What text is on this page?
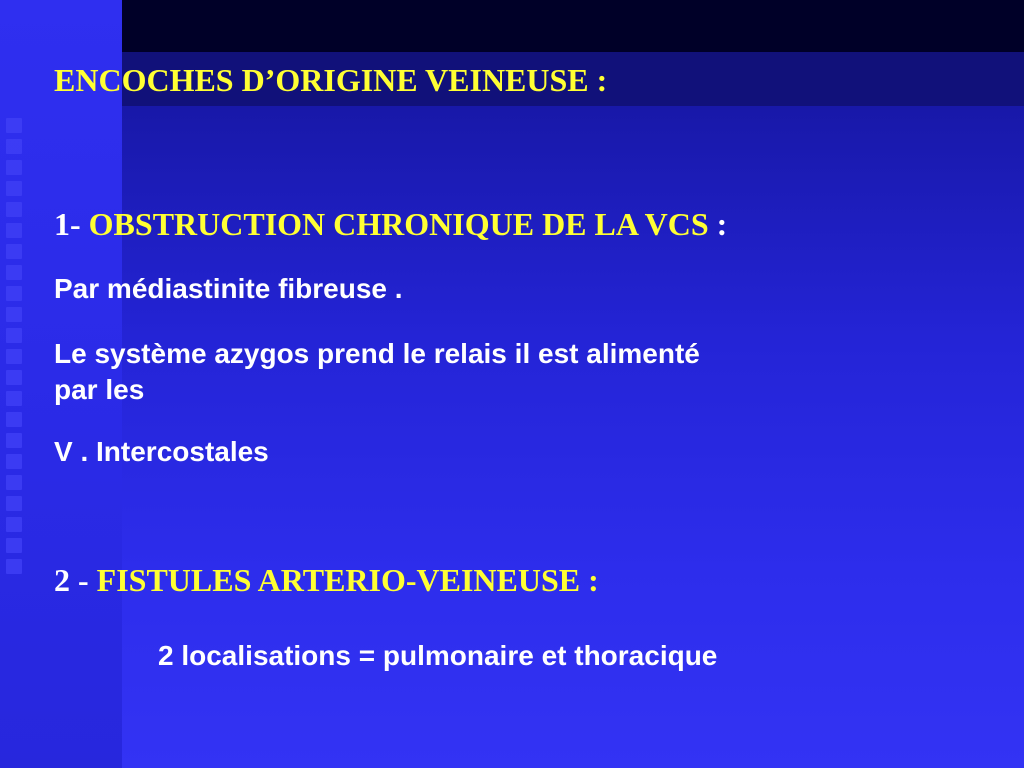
ENCOCHES D’ORIGINE VEINEUSE :
1- OBSTRUCTION CHRONIQUE DE LA VCS :

Par médiastinite fibreuse .

Le système azygos prend le relais il est alimenté
par les

V . Intercostales

2 - FISTULES ARTERIO-VEINEUSE :

2 localisations = pulmonaire et thoracique
